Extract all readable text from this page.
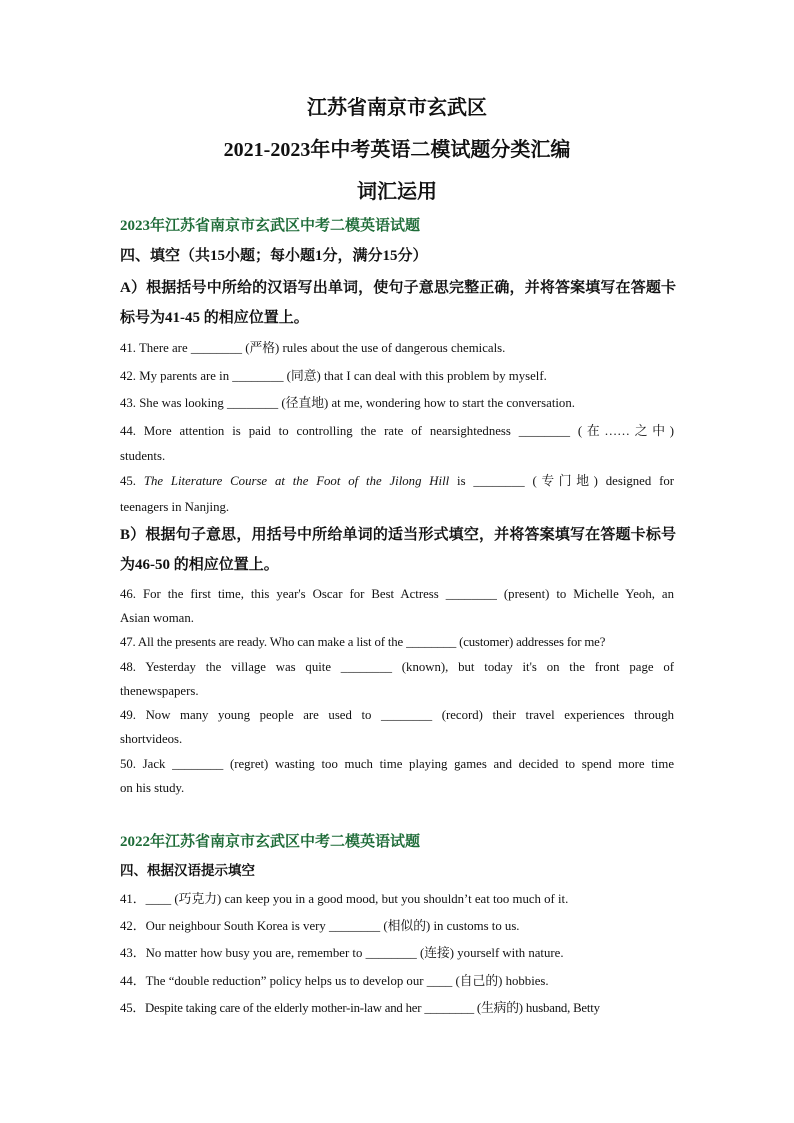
江苏省南京市玄武区
2021-2023年中考英语二模试题分类汇编
词汇运用
2023年江苏省南京市玄武区中考二模英语试题
四、填空（共15小题；每小题1分，满分15分）
A）根据括号中所给的汉语写出单词，使句子意思完整正确，并将答案填写在答题卡标号为41-45 的相应位置上。
41. There are ________ (严格) rules about the use of dangerous chemicals.
42. My parents are in ________ (同意) that I can deal with this problem by myself.
43. She was looking ________ (径直地) at me, wondering how to start the conversation.
44. More attention is paid to controlling the rate of nearsightedness ________ (在……之中)
students.
45. The Literature Course at the Foot of the Jilong Hill is ________ (专门地) designed for
teenagers in Nanjing.
B）根据句子意思，用括号中所给单词的适当形式填空，并将答案填写在答题卡标号为46-50 的相应位置上。
46. For the first time, this year's Oscar for Best Actress ________ (present) to Michelle Yeoh, an
Asian woman.
47. All the presents are ready. Who can make a list of the ________ (customer) addresses for me?
48. Yesterday the village was quite ________ (known), but today it's on the front page of
thenewspapers.
49. Now many young people are used to ________ (record) their travel experiences through
shortvideos.
50. Jack ________ (regret) wasting too much time playing games and decided to spend more time
on his study.
2022年江苏省南京市玄武区中考二模英语试题
四、根据汉语提示填空
41．____ (巧克力) can keep you in a good mood, but you shouldn’t eat too much of it.
42．Our neighbour South Korea is very ________ (相似的) in customs to us.
43．No matter how busy you are, remember to ________ (连接) yourself with nature.
44．The “double reduction” policy helps us to develop our ____ (自己的) hobbies.
45．Despite taking care of the elderly mother-in-law and her ________ (生病的) husband, Betty
